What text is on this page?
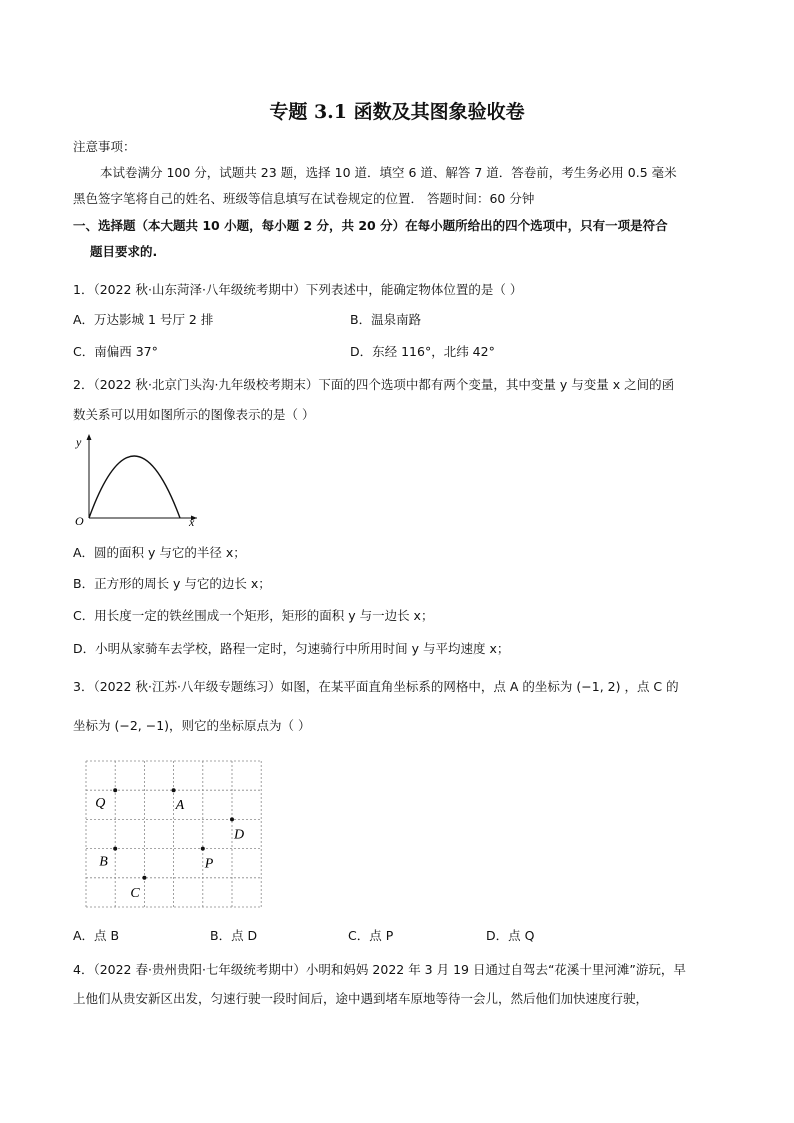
专题 3.1 函数及其图象验收卷
注意事项：
本试卷满分 100 分，试题共 23 题，选择 10 道．填空 6 道、解答 7 道．答卷前，考生务必用 0.5 毫米
黑色签字笔将自己的姓名、班级等信息填写在试卷规定的位置． 答题时间：60 分钟
一、选择题（本大题共 10 小题，每小题 2 分，共 20 分）在每小题所给出的四个选项中，只有一项是符合
题目要求的.
1．（2022 秋·山东菏泽·八年级统考期中）下列表述中，能确定物体位置的是（ ）
A．万达影城 1 号厅 2 排	B．温泉南路
C．南偏西 37°	D．东经 116°，北纬 42°
2．（2022 秋·北京门头沟·九年级校考期末）下面的四个选项中都有两个变量，其中变量 y 与变量 x 之间的函
数关系可以用如图所示的图像表示的是（ ）
y
x
O
A．圆的面积 y 与它的半径 x；
B．正方形的周长 y 与它的边长 x；
C．用长度一定的铁丝围成一个矩形，矩形的面积 y 与一边长 x；
D．小明从家骑车去学校，路程一定时，匀速骑行中所用时间 y 与平均速度 x；
3．（2022 秋·江苏·八年级专题练习）如图，在某平面直角坐标系的网格中，点 A 的坐标为 (−1, 2) ，点 C 的
坐标为 (−2, −1)，则它的坐标原点为（ ）
Q	A
D
B	P
C
A．点 B	B．点 D	C．点 P	D．点 Q
4．（2022 春·贵州贵阳·七年级统考期中）小明和妈妈 2022 年 3 月 19 日通过自驾去“花溪十里河滩”游玩，早
上他们从贵安新区出发，匀速行驶一段时间后，途中遇到堵车原地等待一会儿，然后他们加快速度行驶，
